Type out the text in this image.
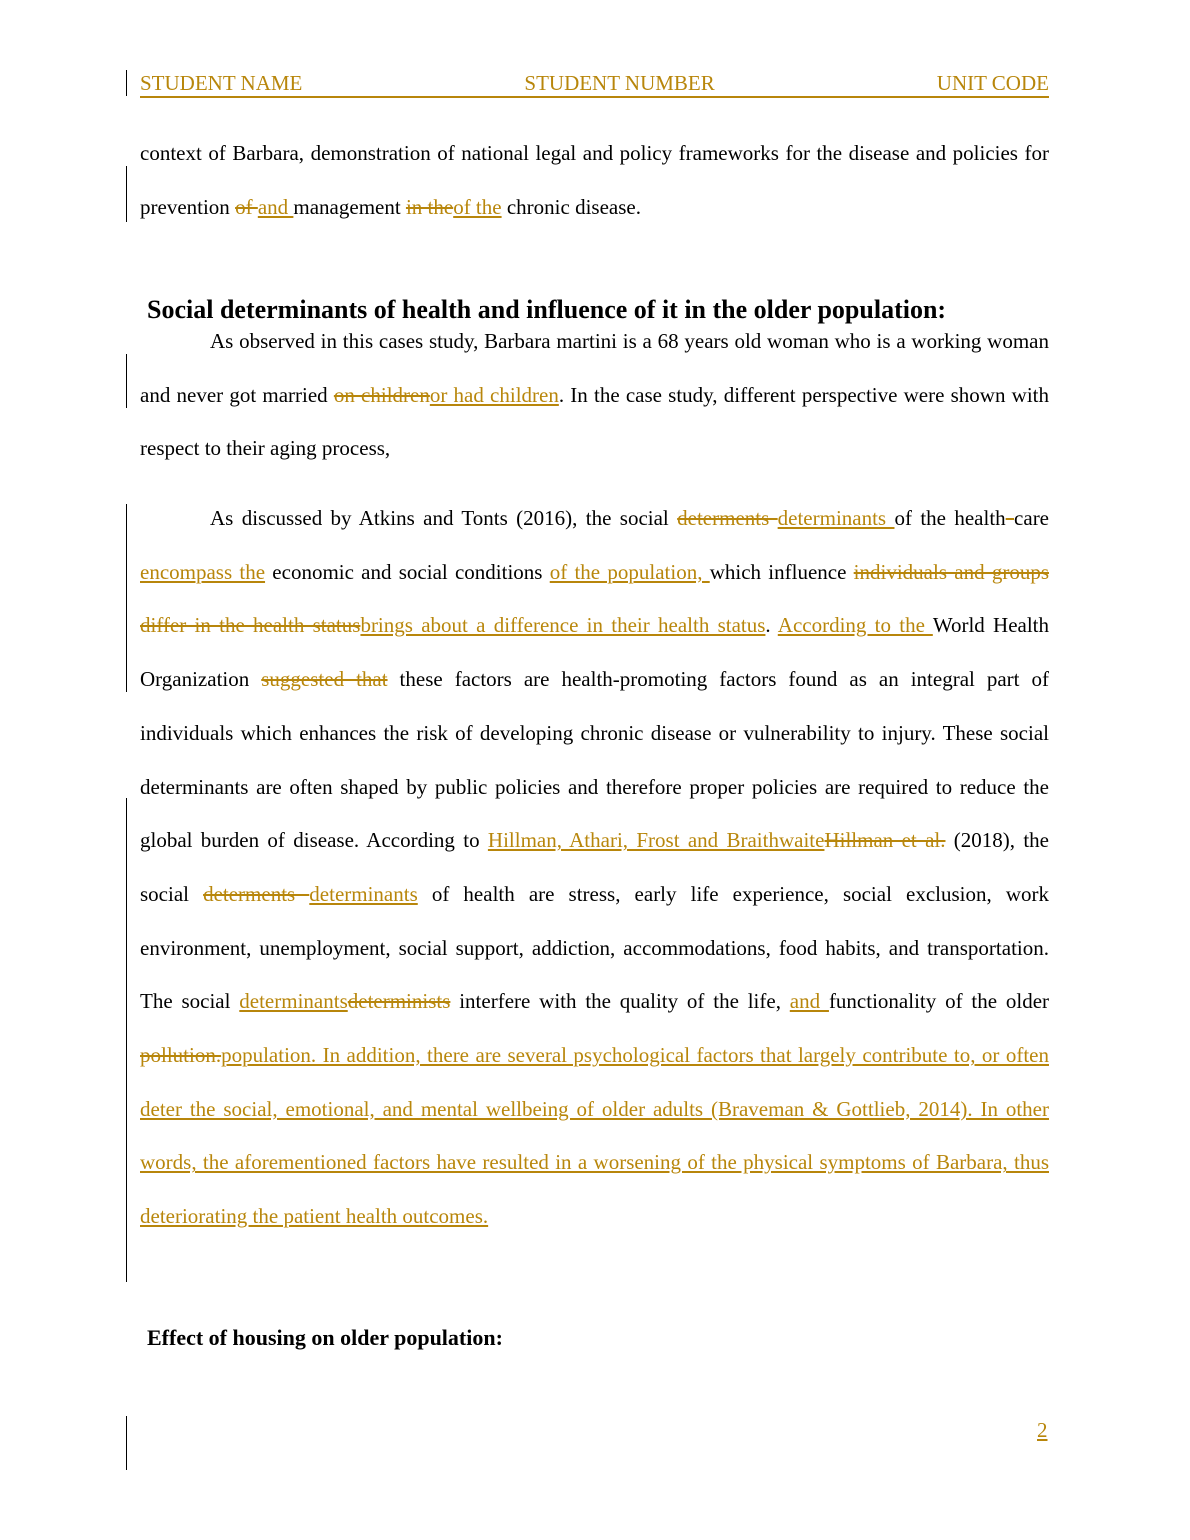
STUDENT NAME	STUDENT NUMBER	UNIT CODE

context of Barbara, demonstration of national legal and policy frameworks for the disease and policies for prevention of and management in theof the chronic disease.

Social determinants of health and influence of it in the older population:

As observed in this cases study, Barbara martini is a 68 years old woman who is a working woman and never got married on childrenor had children. In the case study, different perspective were shown with respect to their aging process,

As discussed by Atkins and Tonts (2016), the social determents determinants of the health care encompass the economic and social conditions of the population, which influence individuals and groups differ in the health statusbrings about a difference in their health status. According to the World Health Organization suggested that these factors are health-promoting factors found as an integral part of individuals which enhances the risk of developing chronic disease or vulnerability to injury. These social determinants are often shaped by public policies and therefore proper policies are required to reduce the global burden of disease. According to Hillman, Athari, Frost and BraithwaiteHillman et al. (2018), the social determents determinants of health are stress, early life experience, social exclusion, work environment, unemployment, social support, addiction, accommodations, food habits, and transportation. The social determinantsdeterminists interfere with the quality of the life, and functionality of the older pollution.population. In addition, there are several psychological factors that largely contribute to, or often deter the social, emotional, and mental wellbeing of older adults (Braveman & Gottlieb, 2014). In other words, the aforementioned factors have resulted in a worsening of the physical symptoms of Barbara, thus deteriorating the patient health outcomes.

Effect of housing on older population:
2
